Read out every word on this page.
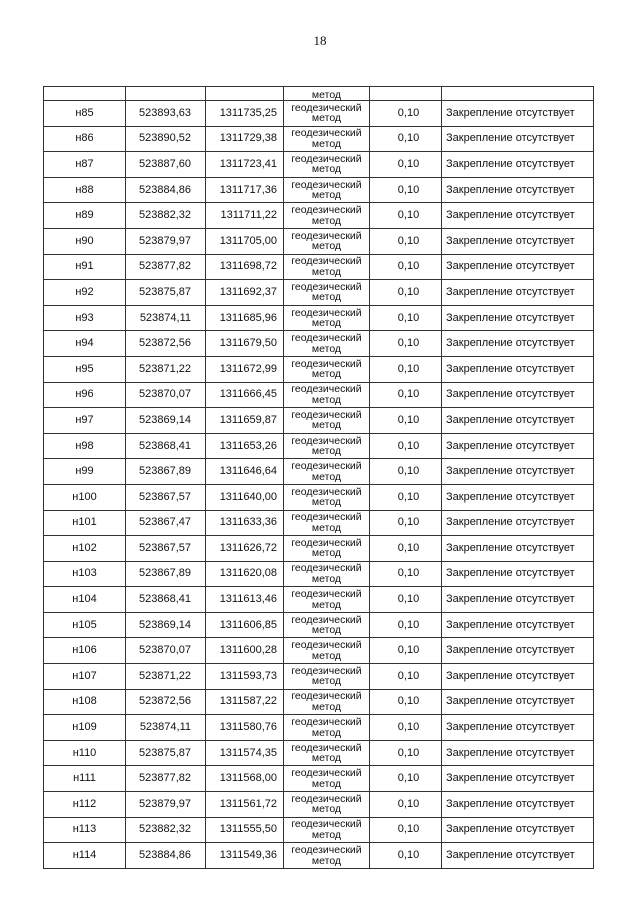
18
			метод		
н85	523893,63	1311735,25	геодезический метод	0,10	Закрепление отсутствует
н86	523890,52	1311729,38	геодезический метод	0,10	Закрепление отсутствует
н87	523887,60	1311723,41	геодезический метод	0,10	Закрепление отсутствует
н88	523884,86	1311717,36	геодезический метод	0,10	Закрепление отсутствует
н89	523882,32	1311711,22	геодезический метод	0,10	Закрепление отсутствует
н90	523879,97	1311705,00	геодезический метод	0,10	Закрепление отсутствует
н91	523877,82	1311698,72	геодезический метод	0,10	Закрепление отсутствует
н92	523875,87	1311692,37	геодезический метод	0,10	Закрепление отсутствует
н93	523874,11	1311685,96	геодезический метод	0,10	Закрепление отсутствует
н94	523872,56	1311679,50	геодезический метод	0,10	Закрепление отсутствует
н95	523871,22	1311672,99	геодезический метод	0,10	Закрепление отсутствует
н96	523870,07	1311666,45	геодезический метод	0,10	Закрепление отсутствует
н97	523869,14	1311659,87	геодезический метод	0,10	Закрепление отсутствует
н98	523868,41	1311653,26	геодезический метод	0,10	Закрепление отсутствует
н99	523867,89	1311646,64	геодезический метод	0,10	Закрепление отсутствует
н100	523867,57	1311640,00	геодезический метод	0,10	Закрепление отсутствует
н101	523867,47	1311633,36	геодезический метод	0,10	Закрепление отсутствует
н102	523867,57	1311626,72	геодезический метод	0,10	Закрепление отсутствует
н103	523867,89	1311620,08	геодезический метод	0,10	Закрепление отсутствует
н104	523868,41	1311613,46	геодезический метод	0,10	Закрепление отсутствует
н105	523869,14	1311606,85	геодезический метод	0,10	Закрепление отсутствует
н106	523870,07	1311600,28	геодезический метод	0,10	Закрепление отсутствует
н107	523871,22	1311593,73	геодезический метод	0,10	Закрепление отсутствует
н108	523872,56	1311587,22	геодезический метод	0,10	Закрепление отсутствует
н109	523874,11	1311580,76	геодезический метод	0,10	Закрепление отсутствует
н110	523875,87	1311574,35	геодезический метод	0,10	Закрепление отсутствует
н111	523877,82	1311568,00	геодезический метод	0,10	Закрепление отсутствует
н112	523879,97	1311561,72	геодезический метод	0,10	Закрепление отсутствует
н113	523882,32	1311555,50	геодезический метод	0,10	Закрепление отсутствует
н114	523884,86	1311549,36	геодезический метод	0,10	Закрепление отсутствует
